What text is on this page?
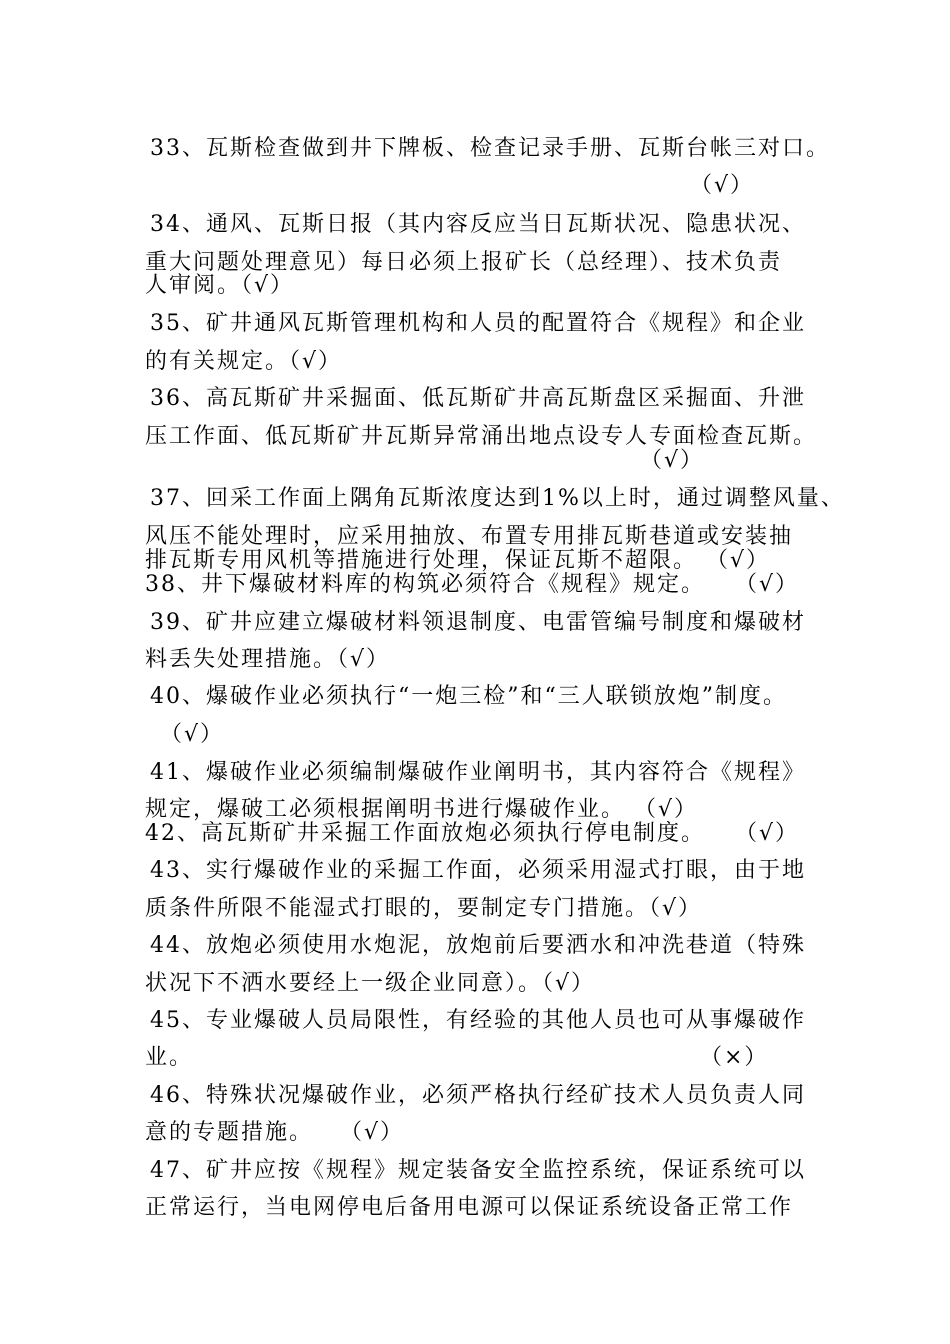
33、瓦斯检查做到井下牌板、检查记录手册、瓦斯台帐三对口。
（√）
34、通风、瓦斯日报（其内容反应当日瓦斯状况、隐患状况、
重大问题处理意见）每日必须上报矿长（总经理）、技术负责
人审阅。（√）
35、矿井通风瓦斯管理机构和人员的配置符合《规程》和企业
的有关规定。（√）
36、高瓦斯矿井采掘面、低瓦斯矿井高瓦斯盘区采掘面、升泄
压工作面、低瓦斯矿井瓦斯异常涌出地点设专人专面检查瓦斯。
（√）
37、回采工作面上隅角瓦斯浓度达到1%以上时，通过调整风量、
风压不能处理时，应采用抽放、布置专用排瓦斯巷道或安装抽
排瓦斯专用风机等措施进行处理，保证瓦斯不超限。 （√）
38、井下爆破材料库的构筑必须符合《规程》规定。 （√）
39、矿井应建立爆破材料领退制度、电雷管编号制度和爆破材
料丢失处理措施。（√）
40、爆破作业必须执行“一炮三检”和“三人联锁放炮”制度。
（√）
41、爆破作业必须编制爆破作业阐明书，其内容符合《规程》
规定，爆破工必须根据阐明书进行爆破作业。 （√）
42、高瓦斯矿井采掘工作面放炮必须执行停电制度。 （√）
43、实行爆破作业的采掘工作面，必须采用湿式打眼，由于地
质条件所限不能湿式打眼的，要制定专门措施。（√）
44、放炮必须使用水炮泥，放炮前后要洒水和冲洗巷道（特殊
状况下不洒水要经上一级企业同意）。（√）
45、专业爆破人员局限性，有经验的其他人员也可从事爆破作
业。	（×）
46、特殊状况爆破作业，必须严格执行经矿技术人员负责人同
意的专题措施。 （√）
47、矿井应按《规程》规定装备安全监控系统，保证系统可以
正常运行，当电网停电后备用电源可以保证系统设备正常工作
